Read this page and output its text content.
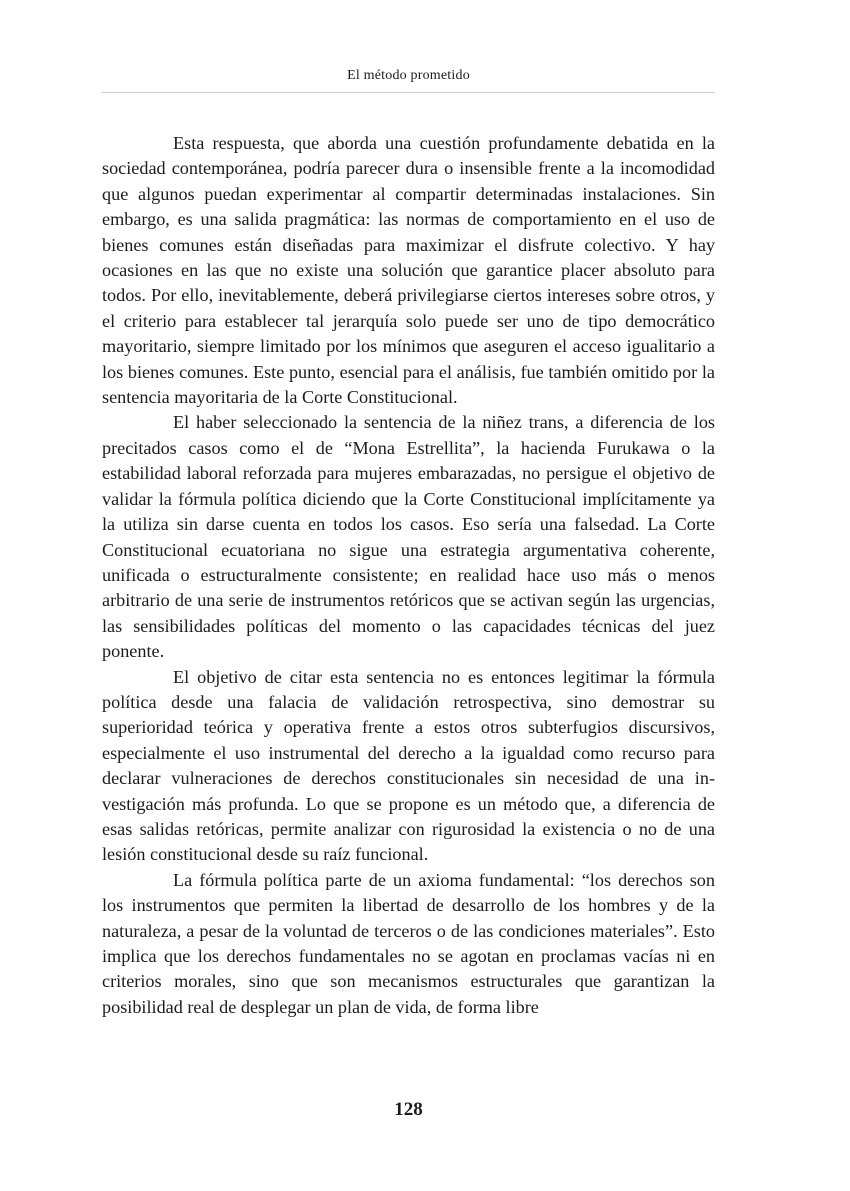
El método prometido

Esta respuesta, que aborda una cuestión profundamente debatida en la sociedad contemporánea, podría parecer dura o insensible frente a la incomodidad que algunos puedan experimentar al compartir determinadas instalaciones. Sin embargo, es una salida pragmática: las normas de comportamiento en el uso de bienes comunes están diseñadas para maximizar el disfrute colectivo. Y hay ocasiones en las que no existe una solución que garantice placer absoluto para todos. Por ello, inevitablemente, deberá privilegiarse ciertos intereses sobre otros, y el criterio para establecer tal jerarquía solo puede ser uno de tipo democrático mayoritario, siempre limitado por los mínimos que aseguren el acceso igualitario a los bienes comunes. Este punto, esencial para el análisis, fue también omitido por la sentencia mayoritaria de la Corte Constitucional.

El haber seleccionado la sentencia de la niñez trans, a diferencia de los precitados casos como el de “Mona Estrellita”, la hacienda Furukawa o la estabilidad laboral reforzada para mujeres embarazadas, no persigue el objetivo de validar la fórmula política diciendo que la Corte Constitucional implícitamente ya la utiliza sin darse cuenta en todos los casos. Eso sería una falsedad. La Corte Constitucional ecuatoriana no sigue una estrategia argumentativa coherente, unificada o estructuralmente consistente; en realidad hace uso más o menos arbitrario de una serie de instrumentos retóricos que se activan según las urgencias, las sensibilidades políticas del momento o las capacidades técnicas del juez ponente.

El objetivo de citar esta sentencia no es entonces legitimar la fórmula política desde una falacia de validación retrospectiva, sino demostrar su superioridad teórica y operativa frente a estos otros subterfugios discursivos, especialmente el uso instrumental del derecho a la igualdad como recurso para declarar vulneraciones de derechos constitucionales sin necesidad de una investigación más profunda. Lo que se propone es un método que, a diferencia de esas salidas retóricas, permite analizar con rigurosidad la existencia o no de una lesión constitucional desde su raíz funcional.

La fórmula política parte de un axioma fundamental: “los derechos son los instrumentos que permiten la libertad de desarrollo de los hombres y de la naturaleza, a pesar de la voluntad de terceros o de las condiciones materiales”. Esto implica que los derechos fundamentales no se agotan en proclamas vacías ni en criterios morales, sino que son mecanismos estructurales que garantizan la posibilidad real de desplegar un plan de vida, de forma libre

128
